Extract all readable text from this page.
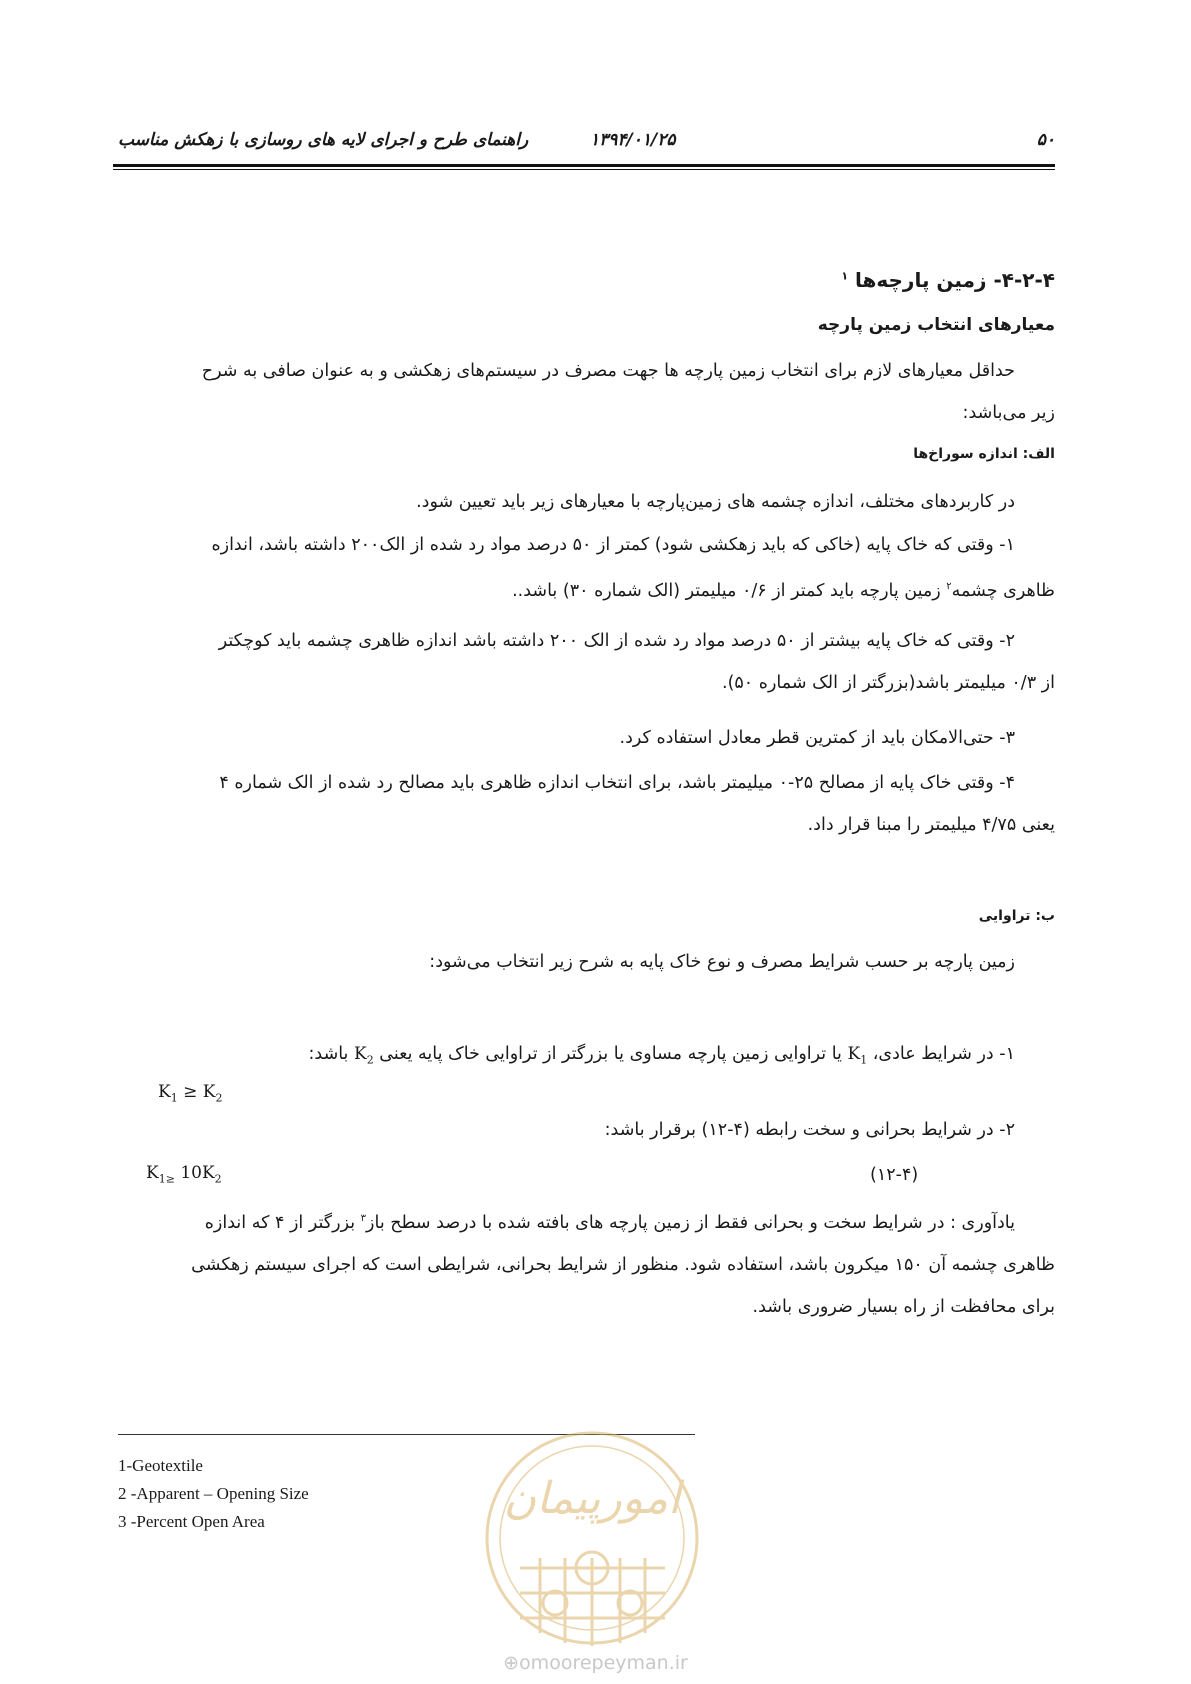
۵۰
۱۳۹۴/۰۱/۲۵
راهنمای طرح و اجرای لایه های روسازی با زهکش مناسب
۴-۲-۴- زمین پارچه‌ها $^۱$
معیارهای انتخاب زمین پارچه
حداقل معیارهای لازم برای انتخاب زمین پارچه ها جهت مصرف در سیستم‌های زهکشی و به عنوان صافی به شرح
زیر می‌باشد:
الف: اندازه سوراخ‌ها
در کاربردهای مختلف، اندازه چشمه های زمین‌پارچه با معیارهای زیر باید تعیین شود.
۱- وقتی که خاک پایه (خاکی که باید زهکشی شود) کمتر از ۵۰ درصد مواد رد شده از الک۲۰۰ داشته باشد، اندازه
ظاهری چشمه$^۲$ زمین پارچه باید کمتر از ۰/۶ میلیمتر (الک شماره ۳۰) باشد..
۲- وقتی که خاک پایه بیشتر از ۵۰ درصد مواد رد شده از الک ۲۰۰ داشته باشد اندازه ظاهری چشمه باید کوچکتر
از ۰/۳ میلیمتر باشد(بزرگتر از الک شماره ۵۰).
۳- حتی‌الامکان باید از کمترین قطر معادل استفاده کرد.
۴- وقتی خاک پایه از مصالح ۲۵-۰ میلیمتر باشد، برای انتخاب اندازه ظاهری باید مصالح رد شده از الک شماره ۴
یعنی ۴/۷۵ میلیمتر را مبنا قرار داد.
ب: تراوایی
زمین پارچه بر حسب شرایط مصرف و نوع خاک پایه به شرح زیر انتخاب می‌شود:
۱- در شرایط عادی، $K_1$ یا تراوایی زمین پارچه مساوی یا بزرگتر از تراوایی خاک پایه یعنی $K_2$ باشد:
$K_1 \ge K_2$
۲- در شرایط بحرانی و سخت رابطه (۴-۱۲) برقرار باشد:
$K_{1\ge}$ $10K_2$	(۱۲-۴)
یادآوری : در شرایط سخت و بحرانی فقط از زمین پارچه های بافته شده با درصد سطح باز$^۳$ بزرگتر از ۴ که اندازه
ظاهری چشمه آن ۱۵۰ میکرون باشد، استفاده شود. منظور از شرایط بحرانی، شرایطی است که اجرای سیستم زهکشی
برای محافظت از راه بسیار ضروری باشد.
1-Geotextile
2 -Apparent – Opening Size
3 -Percent Open Area	امورپیمان
⊕omoorepeyman.ir
